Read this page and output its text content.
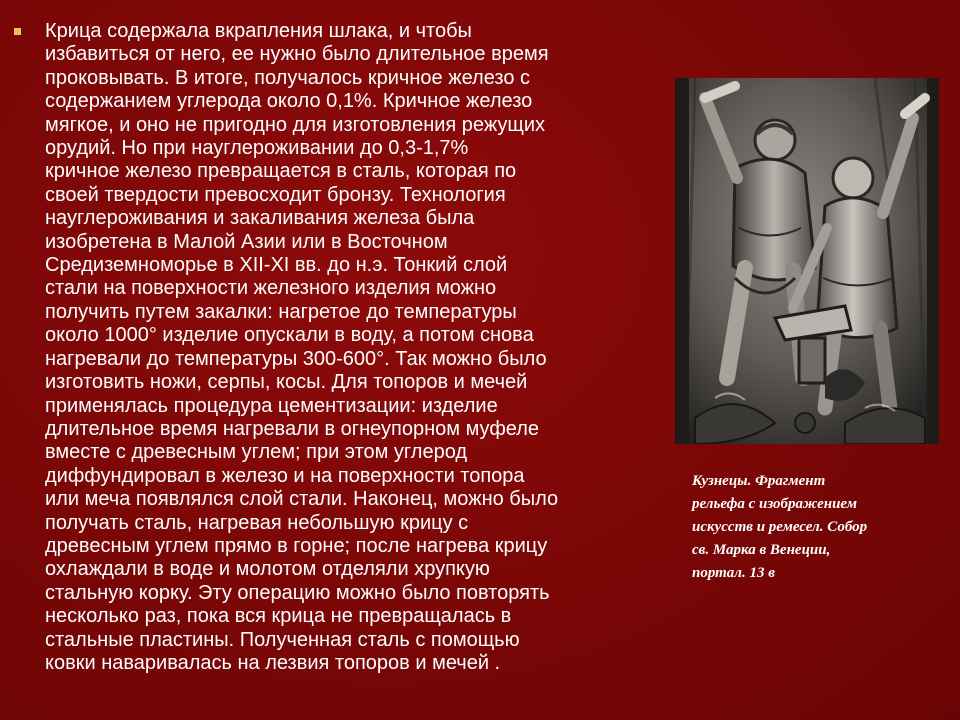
Крица содержала вкрапления шлака, и чтобы
избавиться от него, ее нужно было длительное время
проковывать. В итоге, получалось кричное железо с
содержанием углерода около 0,1%. Кричное железо
мягкое, и оно не пригодно для изготовления режущих
орудий. Но при науглероживании до 0,3-1,7%
кричное железо превращается в сталь, которая по
своей твердости превосходит бронзу. Технология
науглероживания и закаливания железа была
изобретена в Малой Азии или в Восточном
Средиземноморье в XII-XI вв. до н.э. Тонкий слой
стали на поверхности железного изделия можно
получить путем закалки: нагретое до температуры
около 1000° изделие опускали в воду, а потом снова
нагревали до температуры 300-600°. Так можно было
изготовить ножи, серпы, косы. Для топоров и мечей
применялась процедура цементизации: изделие
длительное время нагревали в огнеупорном муфеле
вместе с древесным углем; при этом углерод
диффундировал в железо и на поверхности топора
или меча появлялся слой стали. Наконец, можно было
получать сталь, нагревая небольшую крицу с
древесным углем прямо в горне; после нагрева крицу
охлаждали в воде и молотом отделяли хрупкую
стальную корку. Эту операцию можно было повторять
несколько раз, пока вся крица не превращалась в
стальные пластины. Полученная сталь с помощью
ковки наваривалась на лезвия топоров и мечей .

Кузнецы. Фрагмент
рельефа с изображением
искусств и ремесел. Собор
св. Марка в Венеции,
портал. 13 в
